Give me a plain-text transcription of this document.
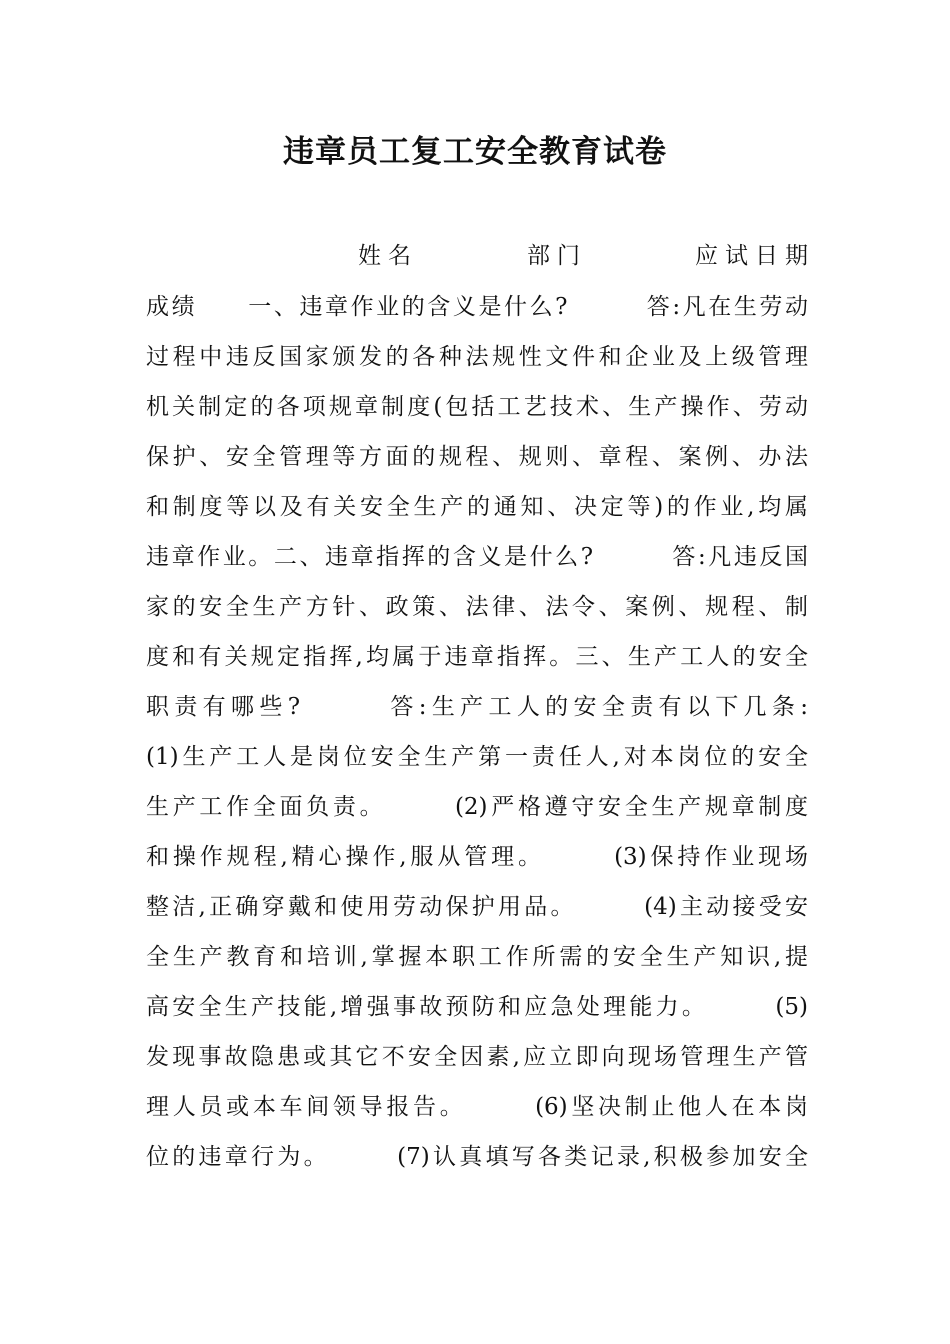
违章员工复工安全教育试卷
姓名	部门	应试日期
成绩　　一、违章作业的含义是什么?　　　答:凡在生劳动
过程中违反国家颁发的各种法规性文件和企业及上级管理
机关制定的各项规章制度(包括工艺技术、生产操作、劳动
保护、安全管理等方面的规程、规则、章程、案例、办法
和制度等以及有关安全生产的通知、决定等)的作业,均属
违章作业。二、违章指挥的含义是什么?　　　答:凡违反国
家的安全生产方针、政策、法律、法令、案例、规程、制
度和有关规定指挥,均属于违章指挥。三、生产工人的安全
职责有哪些?　　　答:生产工人的安全责有以下几条:
(1)生产工人是岗位安全生产第一责任人,对本岗位的安全
生产工作全面负责。　　　(2)严格遵守安全生产规章制度
和操作规程,精心操作,服从管理。　　　(3)保持作业现场
整洁,正确穿戴和使用劳动保护用品。　　　(4)主动接受安
全生产教育和培训,掌握本职工作所需的安全生产知识,提
高安全生产技能,增强事故预防和应急处理能力。　　　(5)
发现事故隐患或其它不安全因素,应立即向现场管理生产管
理人员或本车间领导报告。　　　(6)坚决制止他人在本岗
位的违章行为。　　　(7)认真填写各类记录,积极参加安全
